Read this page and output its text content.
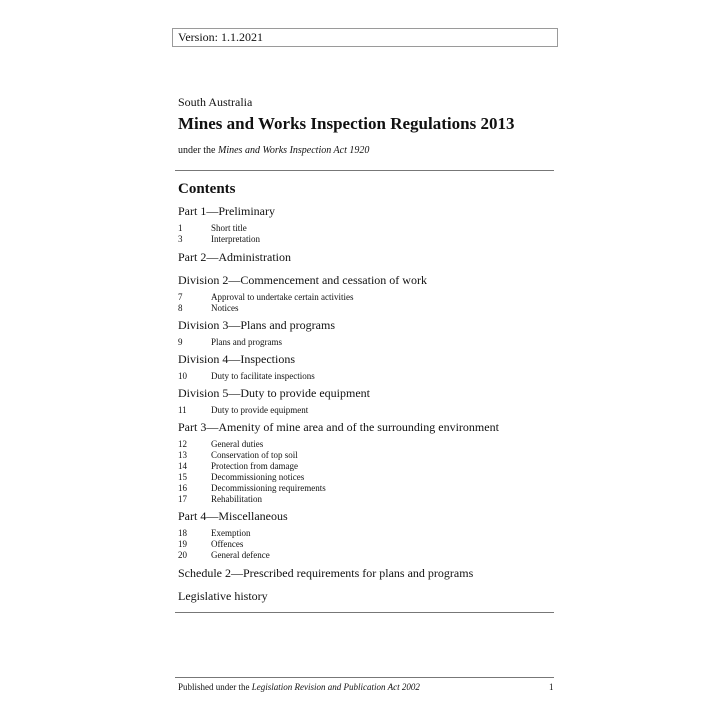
Version: 1.1.2021
South Australia
Mines and Works Inspection Regulations 2013
under the Mines and Works Inspection Act 1920
Contents
Part 1—Preliminary
1	Short title
3	Interpretation
Part 2—Administration
Division 2—Commencement and cessation of work
7	Approval to undertake certain activities
8	Notices
Division 3—Plans and programs
9	Plans and programs
Division 4—Inspections
10	Duty to facilitate inspections
Division 5—Duty to provide equipment
11	Duty to provide equipment
Part 3—Amenity of mine area and of the surrounding environment
12	General duties
13	Conservation of top soil
14	Protection from damage
15	Decommissioning notices
16	Decommissioning requirements
17	Rehabilitation
Part 4—Miscellaneous
18	Exemption
19	Offences
20	General defence
Schedule 2—Prescribed requirements for plans and programs
Legislative history
Published under the Legislation Revision and Publication Act 2002	1
